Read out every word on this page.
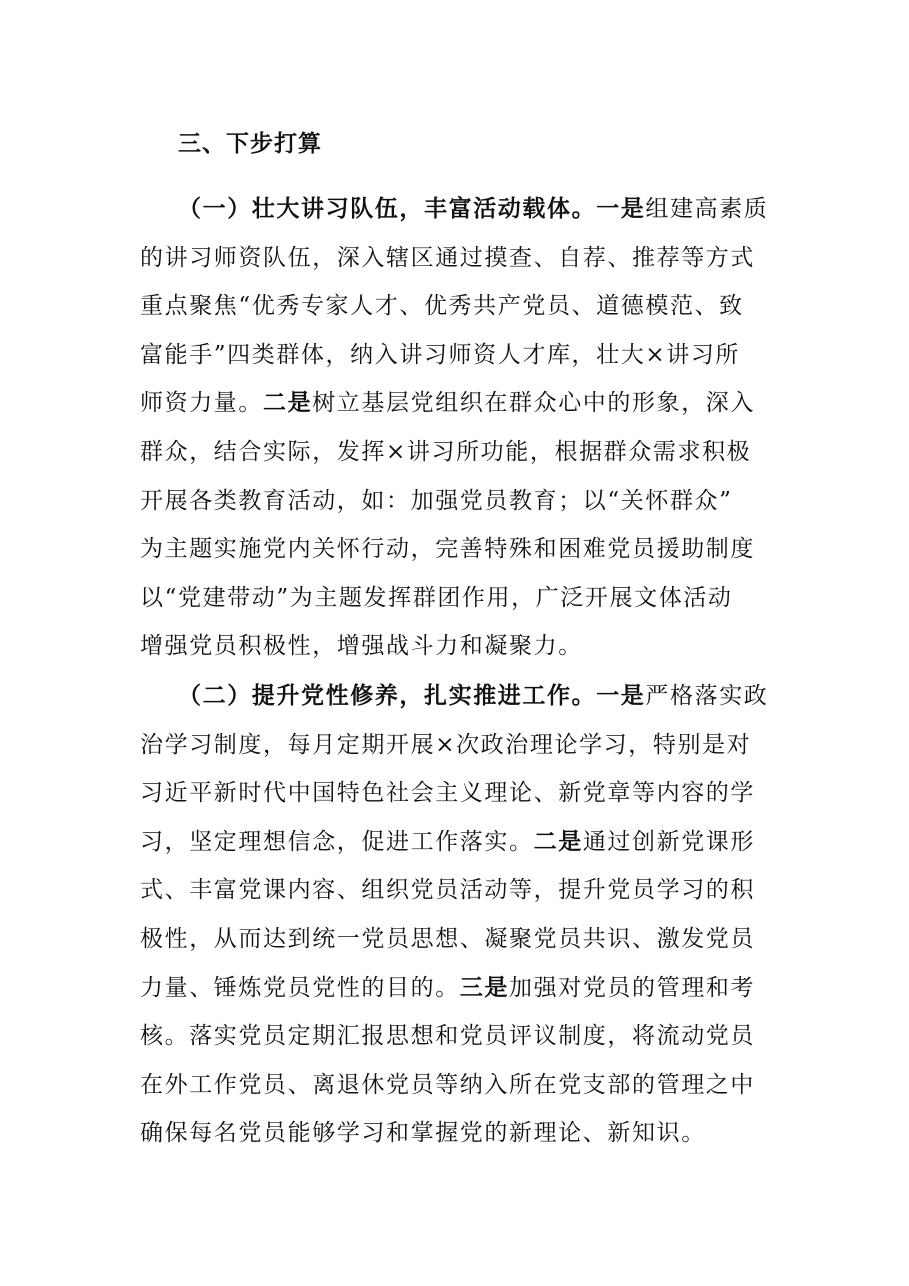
三、下步打算
（一）壮大讲习队伍，丰富活动载体。一是组建高素质
的讲习师资队伍，深入辖区通过摸查、自荐、推荐等方式
重点聚焦“优秀专家人才、优秀共产党员、道德模范、致
富能手”四类群体，纳入讲习师资人才库，壮大×讲习所
师资力量。二是树立基层党组织在群众心中的形象，深入
群众，结合实际，发挥×讲习所功能，根据群众需求积极
开展各类教育活动，如：加强党员教育；以“关怀群众”
为主题实施党内关怀行动，完善特殊和困难党员援助制度
以“党建带动”为主题发挥群团作用，广泛开展文体活动
增强党员积极性，增强战斗力和凝聚力。
（二）提升党性修养，扎实推进工作。一是严格落实政
治学习制度，每月定期开展×次政治理论学习，特别是对
习近平新时代中国特色社会主义理论、新党章等内容的学
习，坚定理想信念，促进工作落实。二是通过创新党课形
式、丰富党课内容、组织党员活动等，提升党员学习的积
极性，从而达到统一党员思想、凝聚党员共识、激发党员
力量、锤炼党员党性的目的。三是加强对党员的管理和考
核。落实党员定期汇报思想和党员评议制度，将流动党员
在外工作党员、离退休党员等纳入所在党支部的管理之中
确保每名党员能够学习和掌握党的新理论、新知识。
